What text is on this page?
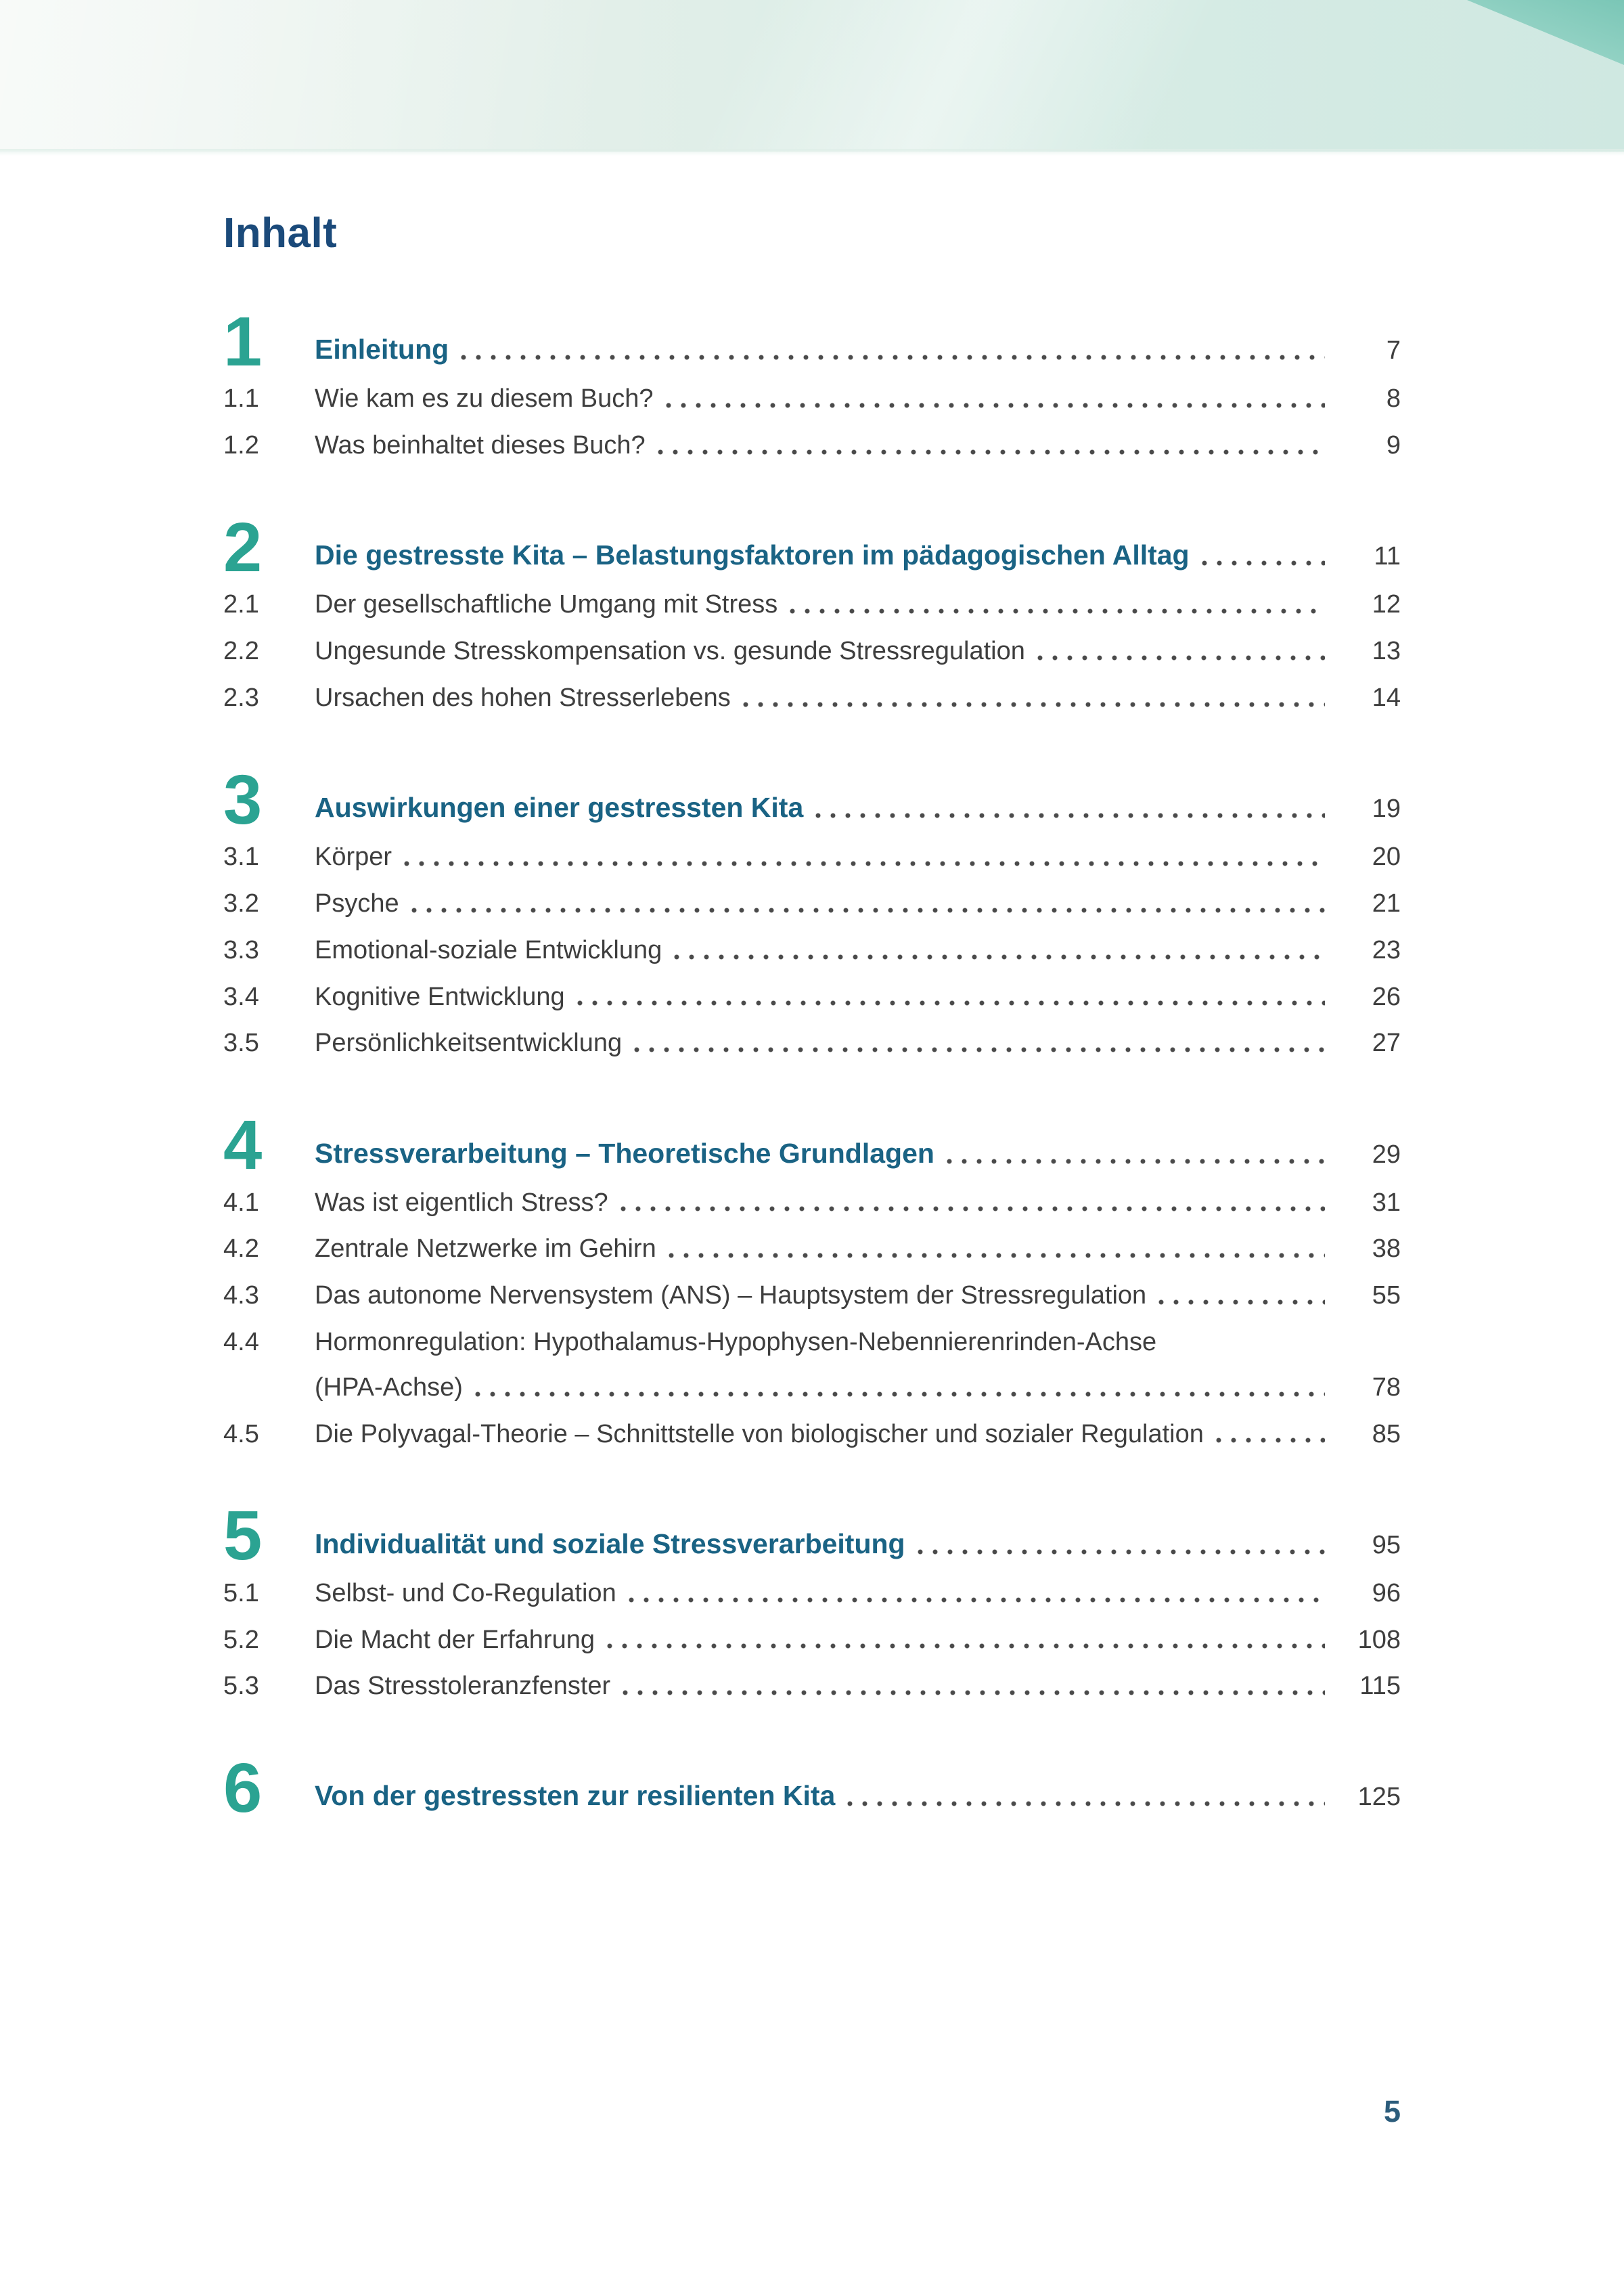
Inhalt
1	Einleitung	7
1.1	Wie kam es zu diesem Buch?	8
1.2	Was beinhaltet dieses Buch?	9
2	Die gestresste Kita – Belastungsfaktoren im pädagogischen Alltag	11
2.1	Der gesellschaftliche Umgang mit Stress	12
2.2	Ungesunde Stresskompensation vs. gesunde Stressregulation	13
2.3	Ursachen des hohen Stresserlebens	14
3	Auswirkungen einer gestressten Kita	19
3.1	Körper	20
3.2	Psyche	21
3.3	Emotional-soziale Entwicklung	23
3.4	Kognitive Entwicklung	26
3.5	Persönlichkeitsentwicklung	27
4	Stressverarbeitung – Theoretische Grundlagen	29
4.1	Was ist eigentlich Stress?	31
4.2	Zentrale Netzwerke im Gehirn	38
4.3	Das autonome Nervensystem (ANS) – Hauptsystem der Stressregulation	55
4.4	Hormonregulation: Hypothalamus-Hypophysen-Nebennierenrinden-Achse
(HPA-Achse)	78
4.5	Die Polyvagal-Theorie – Schnittstelle von biologischer und sozialer Regulation	85
5	Individualität und soziale Stressverarbeitung	95
5.1	Selbst- und Co-Regulation	96
5.2	Die Macht der Erfahrung	108
5.3	Das Stresstoleranzfenster	115
6	Von der gestressten zur resilienten Kita	125
5
